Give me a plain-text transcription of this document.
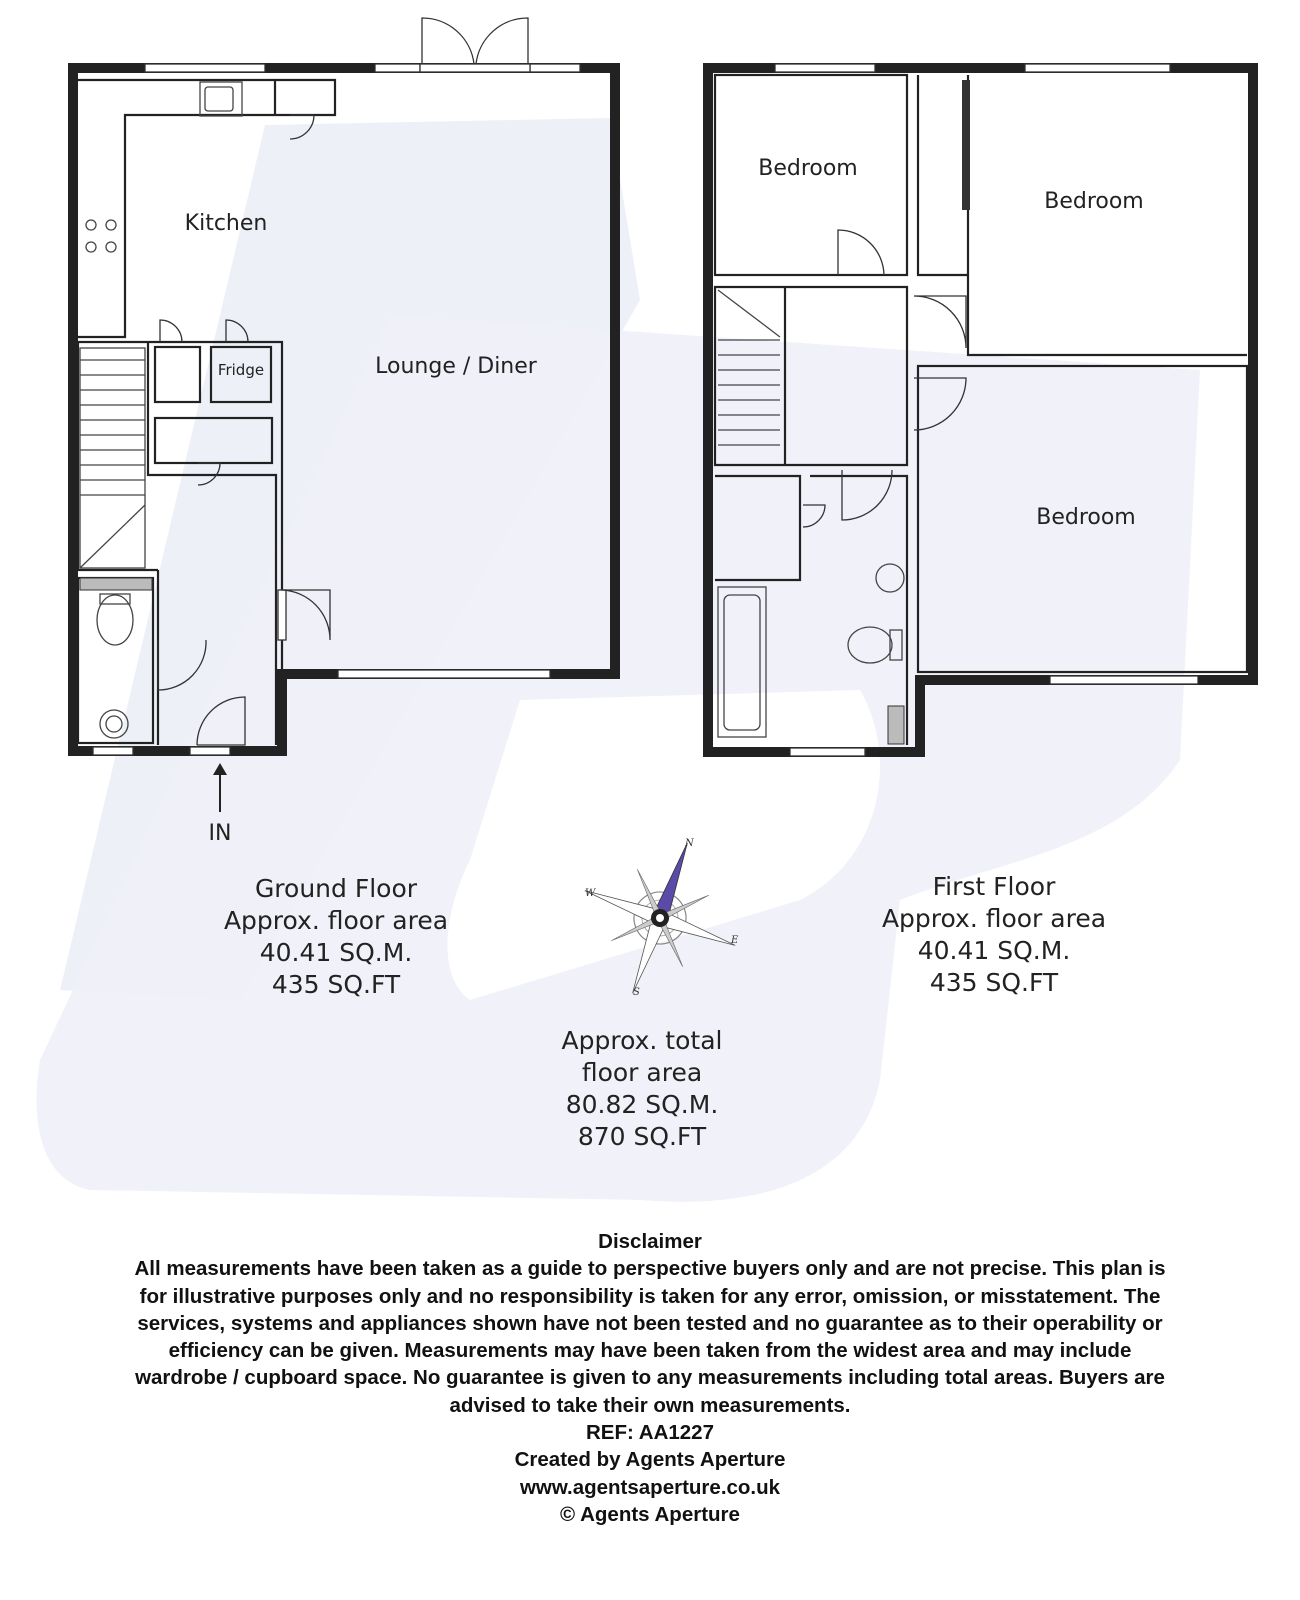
Kitchen
Lounge / Diner
Fridge
IN
Bedroom
Bedroom
Bedroom
Ground Floor
Approx. floor area
40.41 SQ.M.
435 SQ.FT
First Floor
Approx. floor area
40.41 SQ.M.
435 SQ.FT
Approx. total
floor area
80.82 SQ.M.
870 SQ.FT
N
E
S
W
Disclaimer
All measurements have been taken as a guide to perspective buyers only and are not precise. This plan is
for illustrative purposes only and no responsibility is taken for any error, omission, or misstatement. The
services, systems and appliances shown have not been tested and no guarantee as to their operability or
efficiency can be given. Measurements may have been taken from the widest area and may include
wardrobe / cupboard space. No guarantee is given to any measurements including total areas. Buyers are
advised to take their own measurements.
REF: AA1227
Created by Agents Aperture
www.agentsaperture.co.uk
© Agents Aperture
